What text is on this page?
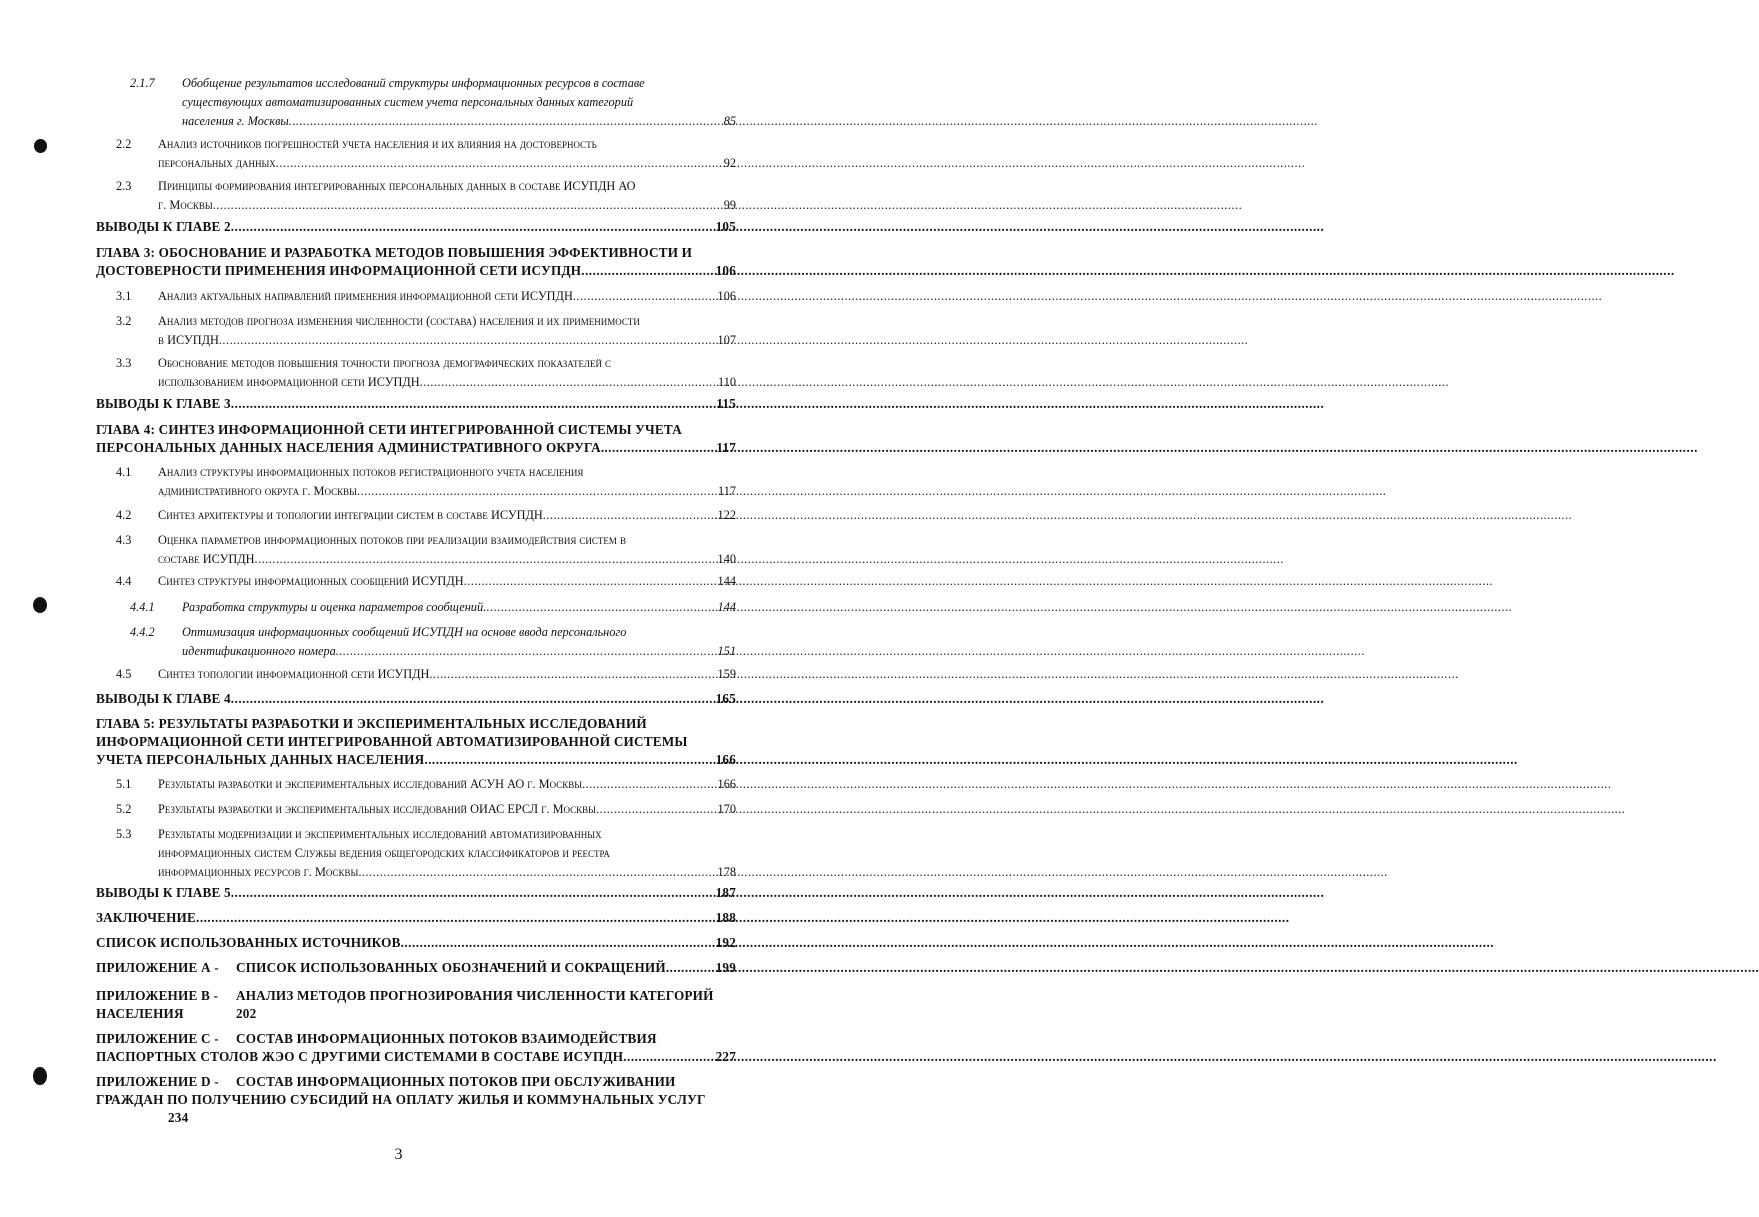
2.1.7	Обобщение результатов исследований структуры информационных ресурсов в составе
существующих автоматизированных систем учета персональных данных категорий
населения г. Москвы .....	85
2.2 Анализ источников погрешностей учета населения и их влияния на достоверность
персональных данных .....	92
2.3 Принципы формирования интегрированных персональных данных в составе ИСУПДН АО
г. Москвы .....	99
ВЫВОДЫ К ГЛАВЕ 2 .....	105
ГЛАВА 3: ОБОСНОВАНИЕ И РАЗРАБОТКА МЕТОДОВ ПОВЫШЕНИЯ ЭФФЕКТИВНОСТИ И
ДОСТОВЕРНОСТИ ПРИМЕНЕНИЯ ИНФОРМАЦИОННОЙ СЕТИ ИСУПДН .....	106
3.1 Анализ актуальных направлений применения информационной сети ИСУПДН .....	106
3.2 Анализ методов прогноза изменения численности (состава) населения и их применимости
в ИСУПДН .....	107
3.3 Обоснование методов повышения точности прогноза демографических показателей с
использованием информационной сети ИСУПДН .....	110
ВЫВОДЫ К ГЛАВЕ 3 .....	115
ГЛАВА 4: СИНТЕЗ ИНФОРМАЦИОННОЙ СЕТИ ИНТЕГРИРОВАННОЙ СИСТЕМЫ УЧЕТА
ПЕРСОНАЛЬНЫХ ДАННЫХ НАСЕЛЕНИЯ АДМИНИСТРАТИВНОГО ОКРУГА. .....	117
4.1 Анализ структуры информационных потоков регистрационного учета населения
административного округа г. Москвы .....	117
4.2 Синтез архитектуры и топологии интеграции систем в составе ИСУПДН .....	.122
4.3 Оценка параметров информационных потоков при реализации взаимодействия систем в
составе ИСУПДН .....	140
4.4 Синтез структуры информационных сообщений ИСУПДН .....	144
4.4.1	Разработка структуры и оценка параметров сообщений .....	144
4.4.2	Оптимизация информационных сообщений ИСУПДН на основе ввода персонального
идентификационного номера .....	151
4.5 Синтез топологии информационной сети ИСУПДН .....	159
ВЫВОДЫ К ГЛАВЕ 4 .....	165
ГЛАВА 5: РЕЗУЛЬТАТЫ РАЗРАБОТКИ И ЭКСПЕРИМЕНТАЛЬНЫХ ИССЛЕДОВАНИЙ
ИНФОРМАЦИОННОЙ СЕТИ ИНТЕГРИРОВАННОЙ АВТОМАТИЗИРОВАННОЙ СИСТЕМЫ
УЧЕТА ПЕРСОНАЛЬНЫХ ДАННЫХ НАСЕЛЕНИЯ .....	166
5.1 Результаты разработки и экспериментальных исследований АСУН АО г. Москвы .....	166
5.2 Результаты разработки и экспериментальных исследований ОИАС ЕРСЛ г. Москвы .....	170
5.3 Результаты модернизации и экспериментальных исследований автоматизированных
информационных систем Службы ведения общегородских классификаторов и реестра
информационных ресурсов г. Москвы .....	178
ВЫВОДЫ К ГЛАВЕ 5 .....	187
ЗАКЛЮЧЕНИЕ .....	188
СПИСОК ИСПОЛЬЗОВАННЫХ ИСТОЧНИКОВ .....	192
ПРИЛОЖЕНИЕ А -	СПИСОК ИСПОЛЬЗОВАННЫХ ОБОЗНАЧЕНИЙ И СОКРАЩЕНИЙ .....	199
ПРИЛОЖЕНИЕ В -	АНАЛИЗ МЕТОДОВ ПРОГНОЗИРОВАНИЯ ЧИСЛЕННОСТИ КАТЕГОРИЙ
НАСЕЛЕНИЯ	202
ПРИЛОЖЕНИЕ С -	СОСТАВ ИНФОРМАЦИОННЫХ ПОТОКОВ ВЗАИМОДЕЙСТВИЯ
ПАСПОРТНЫХ СТОЛОВ ЖЭО С ДРУГИМИ СИСТЕМАМИ В СОСТАВЕ ИСУПДН .....	227
ПРИЛОЖЕНИЕ D -	СОСТАВ ИНФОРМАЦИОННЫХ ПОТОКОВ ПРИ ОБСЛУЖИВАНИИ
ГРАЖДАН ПО ПОЛУЧЕНИЮ СУБСИДИЙ НА ОПЛАТУ ЖИЛЬЯ И КОММУНАЛЬНЫХ УСЛУГ
234
3
